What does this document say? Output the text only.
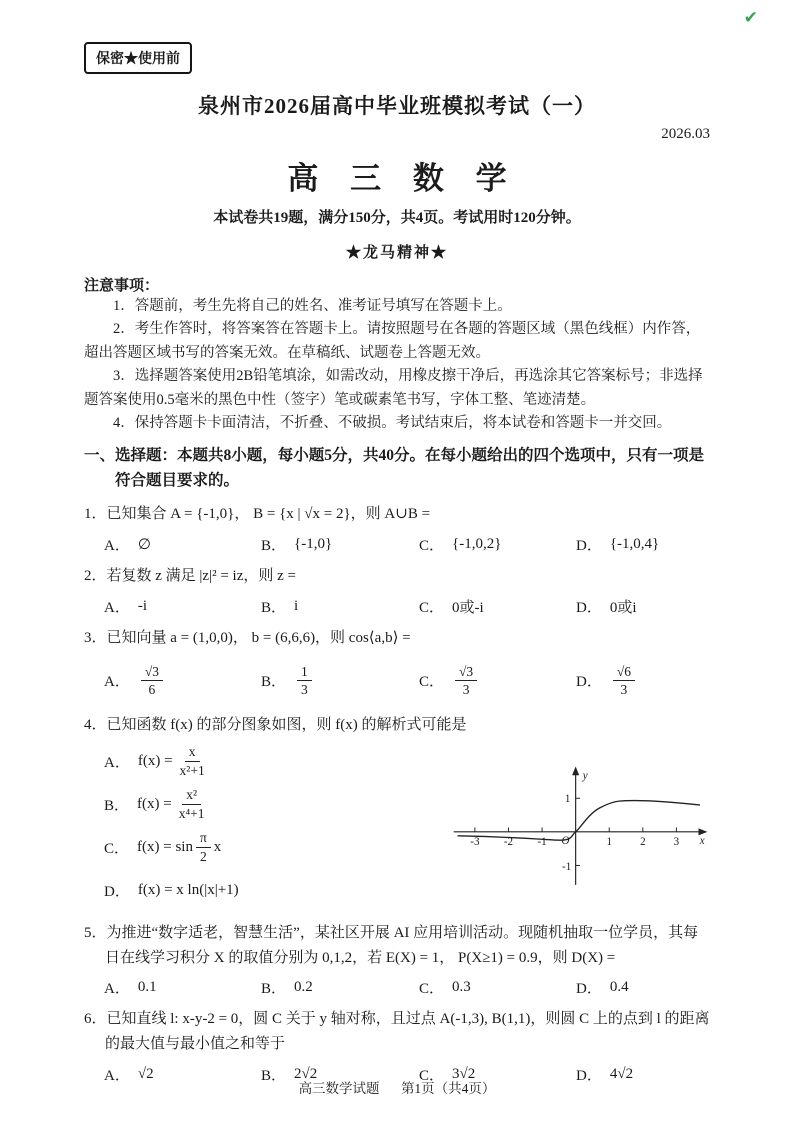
✔
保密★使用前
泉州市2026届高中毕业班模拟考试（一）
2026.03
高 三 数 学
本试卷共19题，满分150分，共4页。考试用时120分钟。
★龙马精神★
注意事项：

1．答题前，考生先将自己的姓名、准考证号填写在答题卡上。

2．考生作答时，将答案答在答题卡上。请按照题号在各题的答题区域（黑色线框）内作答，超出答题区域书写的答案无效。在草稿纸、试题卷上答题无效。

3．选择题答案使用2B铅笔填涂，如需改动，用橡皮擦干净后，再选涂其它答案标号；非选择题答案使用0.5毫米的黑色中性（签字）笔或碳素笔书写，字体工整、笔迹清楚。

4．保持答题卡卡面清洁，不折叠、不破损。考试结束后，将本试卷和答题卡一并交回。

一、选择题：本题共8小题，每小题5分，共40分。在每小题给出的四个选项中，只有一项是符合题目要求的。

1．已知集合 A = {-1,0}， B = {x | √x = 2}，则 A∪B =

A． ∅	B． {-1,0}	C． {-1,0,2}	D． {-1,0,4}

2．若复数 z 满足 |z|² = iz，则 z =

A． -i	B． i	C． 0或-i	D． 0或i

3．已知向量 a = (1,0,0)， b = (6,6,6)，则 cos⟨a,b⟩ =

A． $\frac{√3}{6}$	B． $\frac{1}{3}$	C． $\frac{√3}{3}$	D． $\frac{√6}{3}$

4．已知函数 f(x) 的部分图象如图，则 f(x) 的解析式可能是

A． $f(x) = \frac{x}{\text{x²+1}}$
B． $f(x) = \frac{\text{x²}}{\text{x⁴+1}}$
C． $f(x) = \sin \frac{\pi}{2}$ x
D． f(x) = x ln(|x|+1)
-3 -2 -1	1 2 3
1
-1
O	x
y

5．为推进“数字适老，智慧生活”，某社区开展 AI 应用培训活动。现随机抽取一位学员，其每日在线学习积分 X 的取值分别为 0,1,2，若 E(X) = 1， P(X≥1) = 0.9，则 D(X) =

A． 0.1	B． 0.2	C． 0.3	D． 0.4

6．已知直线 l: x-y-2 = 0，圆 C 关于 y 轴对称，且过点 A(-1,3), B(1,1)，则圆 C 上的点到 l 的距离的最大值与最小值之和等于

A． √2	B． 2√2	C． 3√2	D． 4√2
高三数学试题 第1页（共4页）
